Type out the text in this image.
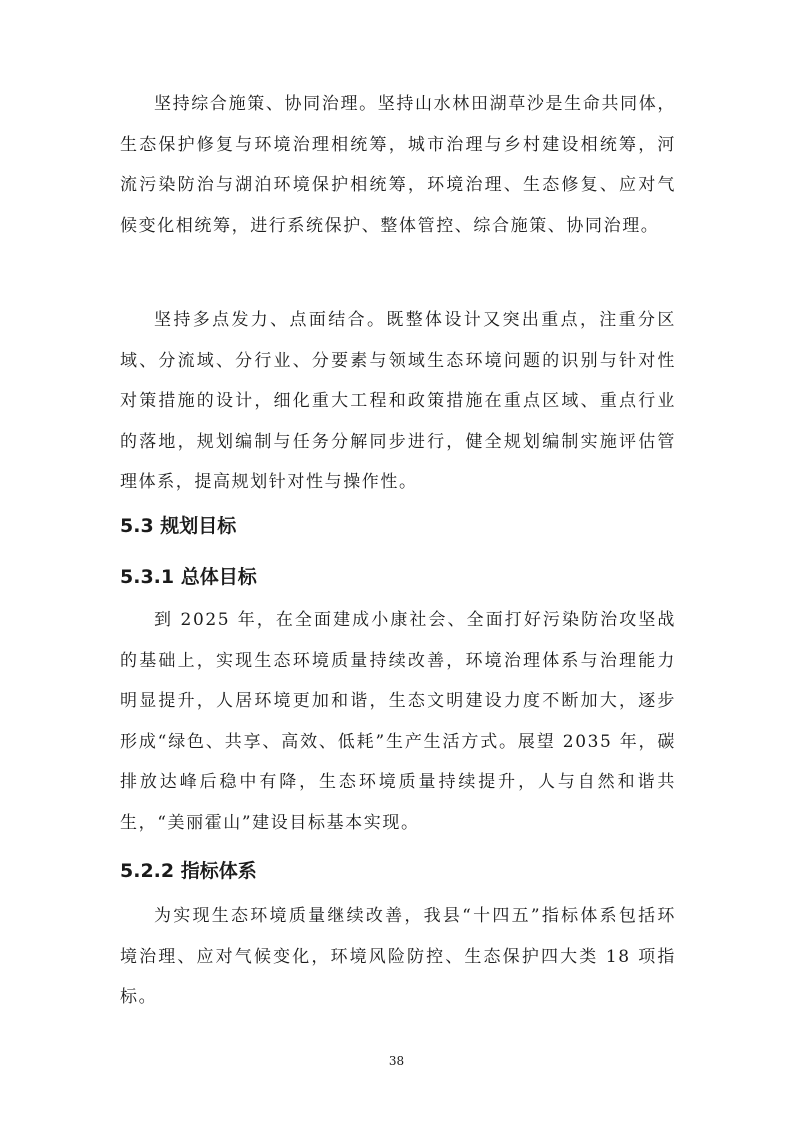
坚持综合施策、协同治理。坚持山水林田湖草沙是生命共同体，生态保护修复与环境治理相统筹，城市治理与乡村建设相统筹，河流污染防治与湖泊环境保护相统筹，环境治理、生态修复、应对气候变化相统筹，进行系统保护、整体管控、综合施策、协同治理。

坚持多点发力、点面结合。既整体设计又突出重点，注重分区域、分流域、分行业、分要素与领域生态环境问题的识别与针对性对策措施的设计，细化重大工程和政策措施在重点区域、重点行业的落地，规划编制与任务分解同步进行，健全规划编制实施评估管理体系，提高规划针对性与操作性。

5.3 规划目标
5.3.1 总体目标

到 2025 年，在全面建成小康社会、全面打好污染防治攻坚战的基础上，实现生态环境质量持续改善，环境治理体系与治理能力明显提升，人居环境更加和谐，生态文明建设力度不断加大，逐步形成“绿色、共享、高效、低耗”生产生活方式。展望 2035 年，碳排放达峰后稳中有降，生态环境质量持续提升，人与自然和谐共生，“美丽霍山”建设目标基本实现。

5.2.2 指标体系

为实现生态环境质量继续改善，我县“十四五”指标体系包括环境治理、应对气候变化，环境风险防控、生态保护四大类 18 项指标。

38
